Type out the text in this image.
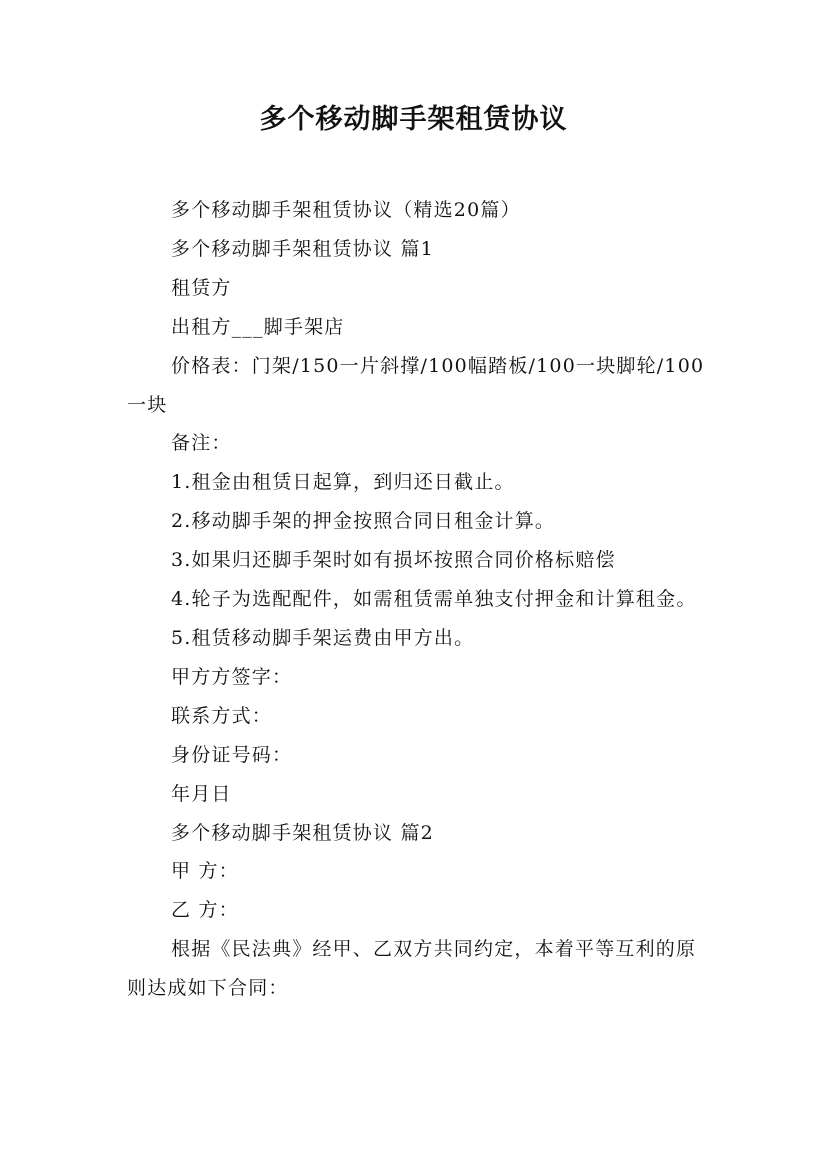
多个移动脚手架租赁协议

多个移动脚手架租赁协议（精选20篇）

多个移动脚手架租赁协议 篇1

租赁方

出租方___脚手架店

价格表：门架/150一片斜撑/100幅踏板/100一块脚轮/100一块

备注：

1.租金由租赁日起算，到归还日截止。

2.移动脚手架的押金按照合同日租金计算。

3.如果归还脚手架时如有损坏按照合同价格标赔偿

4.轮子为选配配件，如需租赁需单独支付押金和计算租金。

5.租赁移动脚手架运费由甲方出。

甲方方签字：

联系方式：

身份证号码：

年月日

多个移动脚手架租赁协议 篇2

甲 方：

乙 方：

根据《民法典》经甲、乙双方共同约定，本着平等互利的原则达成如下合同：
